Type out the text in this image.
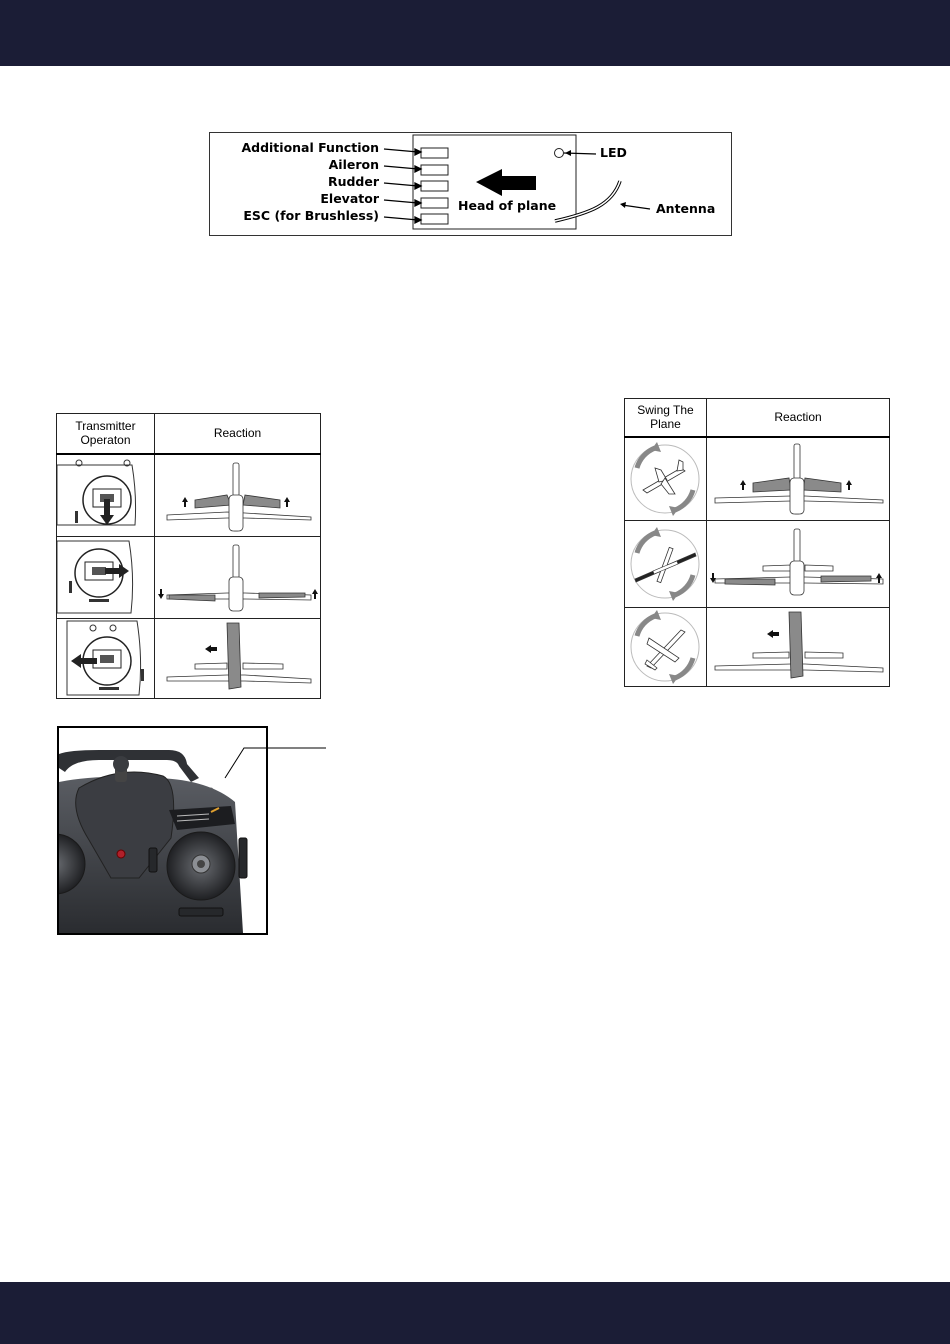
Additional Function
Aileron
Rudder
Elevator
ESC (for Brushless)
LED
Antenna
Head of plane
Transmitter Operaton	Reaction

Swing The Plane	Reaction
